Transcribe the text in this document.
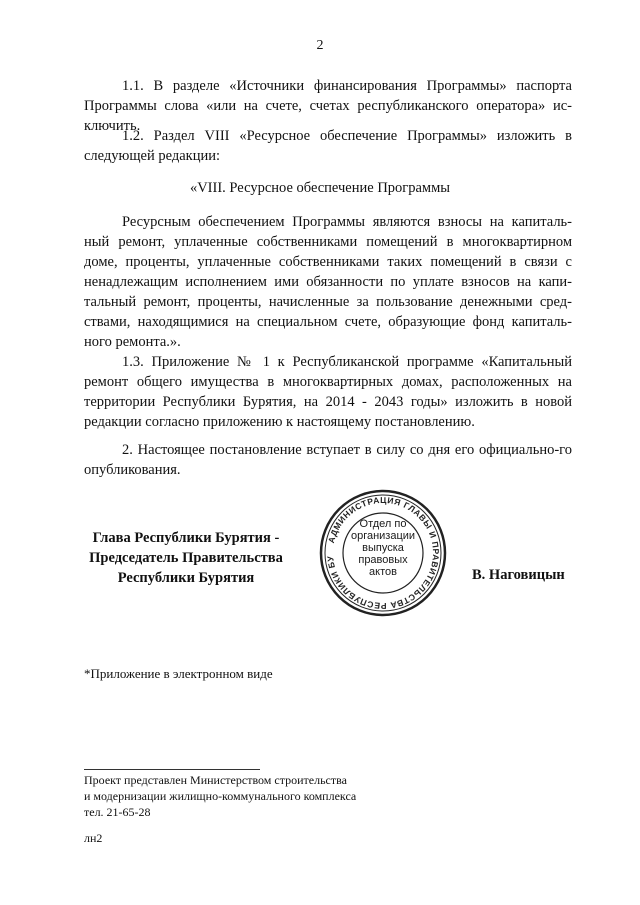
2

1.1. В разделе «Источники финансирования Программы» паспорта Программы слова «или на счете, счетах республиканского оператора» ис-ключить.

1.2. Раздел VIII «Ресурсное обеспечение Программы» изложить в следующей редакции:

«VIII. Ресурсное обеспечение Программы

Ресурсным обеспечением Программы являются взносы на капиталь-ный ремонт, уплаченные собственниками помещений в многоквартирном доме, проценты, уплаченные собственниками таких помещений в связи с ненадлежащим исполнением ими обязанности по уплате взносов на капи-тальный ремонт, проценты, начисленные за пользование денежными сред-ствами, находящимися на специальном счете, образующие фонд капиталь-ного ремонта.».

1.3. Приложение № 1 к Республиканской программе «Капитальный ремонт общего имущества в многоквартирных домах, расположенных на территории Республики Бурятия, на 2014 - 2043 годы» изложить в новой редакции согласно приложению к настоящему постановлению.

2. Настоящее постановление вступает в силу со дня его официально-го опубликования.

Глава Республики Бурятия -
Председатель Правительства
Республики Бурятия
АДМИНИСТРАЦИЯ ГЛАВЫ И ПРАВИТЕЛЬСТВА РЕСПУБЛИКИ БУ
Отдел по
организации
выпуска
правовых
актов	В. Наговицын
*Приложение в электронном виде
Проект представлен Министерством строительства
и модернизации жилищно-коммунального комплекса
тел. 21-65-28
лн2
